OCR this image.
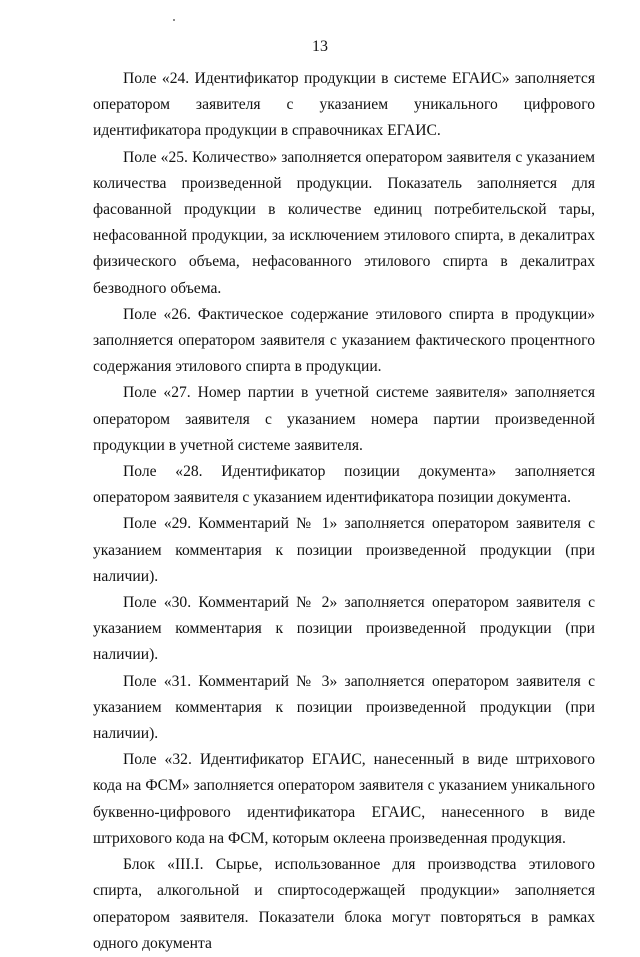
13

Поле «24. Идентификатор продукции в системе ЕГАИС» заполняется оператором заявителя с указанием уникального цифрового идентификатора продукции в справочниках ЕГАИС.

Поле «25. Количество» заполняется оператором заявителя с указанием количества произведенной продукции. Показатель заполняется для фасованной продукции в количестве единиц потребительской тары, нефасованной продукции, за исключением этилового спирта, в декалитрах физического объема, нефасованного этилового спирта в декалитрах безводного объема.

Поле «26. Фактическое содержание этилового спирта в продукции» заполняется оператором заявителя с указанием фактического процентного содержания этилового спирта в продукции.

Поле «27. Номер партии в учетной системе заявителя» заполняется оператором заявителя с указанием номера партии произведенной продукции в учетной системе заявителя.

Поле «28. Идентификатор позиции документа» заполняется оператором заявителя с указанием идентификатора позиции документа.

Поле «29. Комментарий № 1» заполняется оператором заявителя с указанием комментария к позиции произведенной продукции (при наличии).

Поле «30. Комментарий № 2» заполняется оператором заявителя с указанием комментария к позиции произведенной продукции (при наличии).

Поле «31. Комментарий № 3» заполняется оператором заявителя с указанием комментария к позиции произведенной продукции (при наличии).

Поле «32. Идентификатор ЕГАИС, нанесенный в виде штрихового кода на ФСМ» заполняется оператором заявителя с указанием уникального буквенно-цифрового идентификатора ЕГАИС, нанесенного в виде штрихового кода на ФСМ, которым оклеена произведенная продукция.

Блок «III.I. Сырье, использованное для производства этилового спирта, алкогольной и спиртосодержащей продукции» заполняется оператором заявителя. Показатели блока могут повторяться в рамках одного документа
